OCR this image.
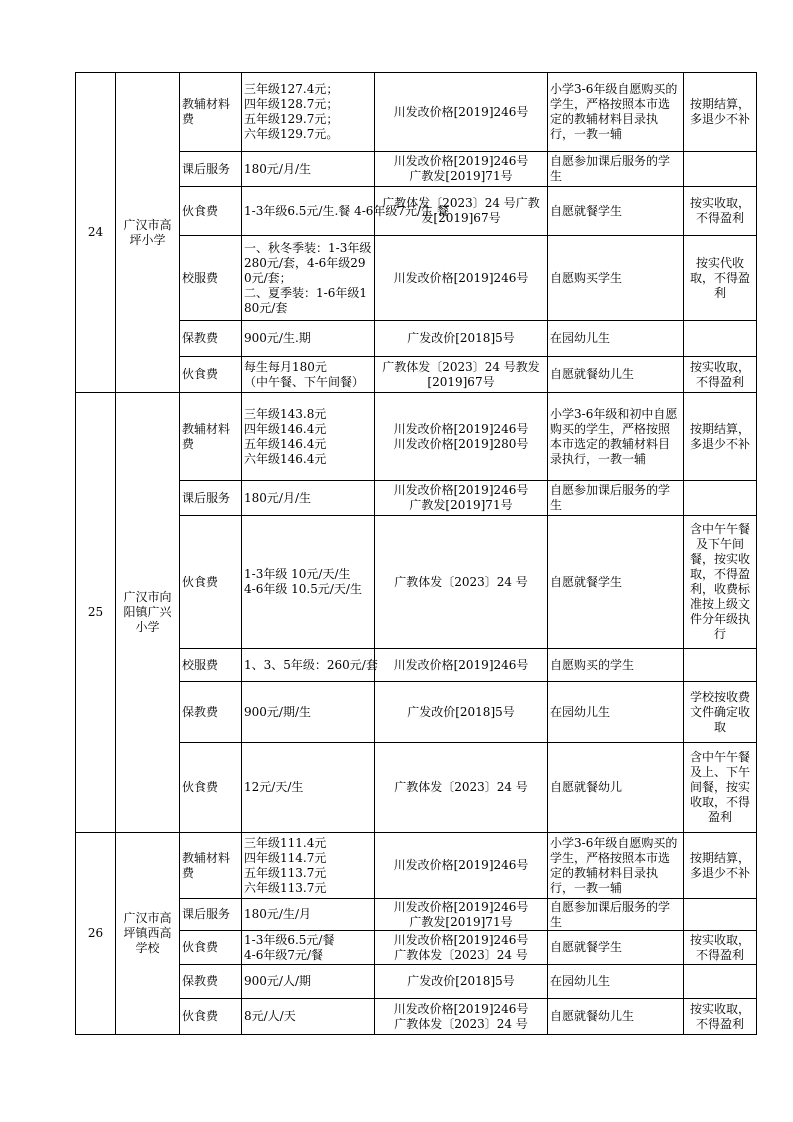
24	广汉市高坪小学	教辅材料费	三年级127.4元；
四年级128.7元；
五年级129.7元；
六年级129.7元。	川发改价格[2019]246号	小学3-6年级自愿购买的学生，严格按照本市选定的教辅材料目录执行，一教一辅	按期结算，多退少不补
		课后服务	180元/月/生	川发改价格[2019]246号
广教发[2019]71号	自愿参加课后服务的学生	
		伙食费	1-3年级6.5元/生.餐 4-6年级7元/生.餐	广教体发〔2023〕24 号广教发[2019]67号	自愿就餐学生	按实收取，不得盈利
		校服费	一、秋冬季装：1-3年级280元/套，4-6年级290元/套；
二、夏季装：1-6年级180元/套	川发改价格[2019]246号	自愿购买学生	按实代收取，不得盈利
		保教费	900元/生.期	广发改价[2018]5号	在园幼儿生	
		伙食费	每生每月180元
（中午餐、下午间餐）	广教体发〔2023〕24 号教发[2019]67号	自愿就餐幼儿生	按实收取，不得盈利
25	广汉市向阳镇广兴小学	教辅材料费	三年级143.8元
四年级146.4元
五年级146.4元
六年级146.4元	川发改价格[2019]246号
川发改价格[2019]280号	小学3-6年级和初中自愿购买的学生，严格按照本市选定的教辅材料目录执行，一教一辅	按期结算，多退少不补
		课后服务	180元/月/生	川发改价格[2019]246号
广教发[2019]71号	自愿参加课后服务的学生	
		伙食费	1-3年级 10元/天/生
4-6年级 10.5元/天/生	广教体发〔2023〕24 号	自愿就餐学生	含中午午餐及下午间餐，按实收取，不得盈利，收费标准按上级文件分年级执行
		校服费	1、3、5年级：260元/套	川发改价格[2019]246号	自愿购买的学生	
		保教费	900元/期/生	广发改价[2018]5号	在园幼儿生	学校按收费文件确定收取
		伙食费	12元/天/生	广教体发〔2023〕24 号	自愿就餐幼儿	含中午午餐及上、下午间餐，按实收取，不得盈利
26	广汉市高坪镇西高学校	教辅材料费	三年级111.4元
四年级114.7元
五年级113.7元
六年级113.7元	川发改价格[2019]246号	小学3-6年级自愿购买的学生，严格按照本市选定的教辅材料目录执行，一教一辅	按期结算，多退少不补
		课后服务	180元/生/月	川发改价格[2019]246号
广教发[2019]71号	自愿参加课后服务的学生	
		伙食费	1-3年级6.5元/餐
4-6年级7元/餐	川发改价格[2019]246号
广教体发〔2023〕24 号	自愿就餐学生	按实收取，不得盈利
		保教费	900元/人/期	广发改价[2018]5号	在园幼儿生	
		伙食费	8元/人/天	川发改价格[2019]246号
广教体发〔2023〕24 号	自愿就餐幼儿生	按实收取，不得盈利
